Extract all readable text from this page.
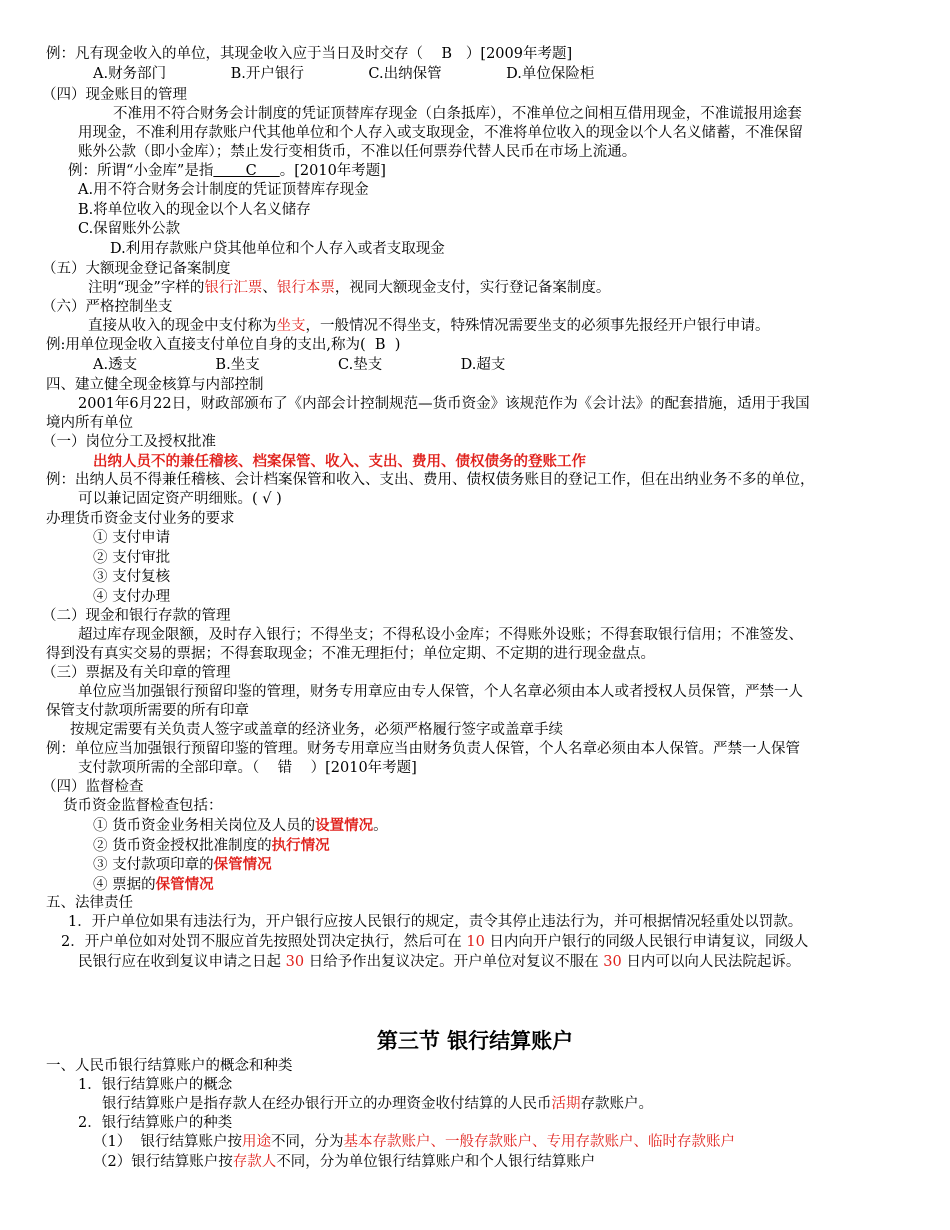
第三节 银行结算账户
例：凡有现金收入的单位，其现金收入应于当日及时交存（    B   ）[2009年考题]
A.财务部门              B.开户银行              C.出纳保管              D.单位保险柜
（四）现金账目的管理
不准用不符合财务会计制度的凭证顶替库存现金（白条抵库），不准单位之间相互借用现金，不准谎报用途套
用现金，不准利用存款账户代其他单位和个人存入或支取现金，不准将单位收入的现金以个人名义储蓄，不准保留
账外公款（即小金库）；禁止发行变相货币，不准以任何票券代替人民币在市场上流通。
例：所谓“小金库”是指       C     。[2010年考题]
A.用不符合财务会计制度的凭证顶替库存现金
B.将单位收入的现金以个人名义储存
C.保留账外公款
D.利用存款账户贷其他单位和个人存入或者支取现金
（五）大额现金登记备案制度
注明“现金”字样的银行汇票、银行本票，视同大额现金支付，实行登记备案制度。
（六）严格控制坐支
直接从收入的现金中支付称为坐支，一般情况不得坐支，特殊情况需要坐支的必须事先报经开户银行申请。
例:用单位现金收入直接支付单位自身的支出,称为(  B  )
A.透支                 B.坐支                 C.垫支                 D.超支
四、建立健全现金核算与内部控制
2001年6月22日，财政部颁布了《内部会计控制规范—货币资金》该规范作为《会计法》的配套措施，适用于我国
境内所有单位
（一）岗位分工及授权批准
出纳人员不的兼任稽核、档案保管、收入、支出、费用、债权债务的登账工作
例：出纳人员不得兼任稽核、会计档案保管和收入、支出、费用、债权债务账目的登记工作，但在出纳业务不多的单位，
可以兼记固定资产明细账。( √ )
办理货币资金支付业务的要求
① 支付申请
② 支付审批
③ 支付复核
④ 支付办理
（二）现金和银行存款的管理
超过库存现金限额，及时存入银行；不得坐支；不得私设小金库；不得账外设账；不得套取银行信用；不准签发、
得到没有真实交易的票据；不得套取现金；不准无理拒付；单位定期、不定期的进行现金盘点。
（三）票据及有关印章的管理
单位应当加强银行预留印鉴的管理，财务专用章应由专人保管，个人名章必须由本人或者授权人员保管，严禁一人
保管支付款项所需要的所有印章
按规定需要有关负责人签字或盖章的经济业务，必须严格履行签字或盖章手续
例：单位应当加强银行预留印鉴的管理。财务专用章应当由财务负责人保管，个人名章必须由本人保管。严禁一人保管
支付款项所需的全部印章。（    错    ）[2010年考题]
（四）监督检查
货币资金监督检查包括：
① 货币资金业务相关岗位及人员的设置情况。
② 货币资金授权批准制度的执行情况
③ 支付款项印章的保管情况
④ 票据的保管情况
五、法律责任
1．开户单位如果有违法行为，开户银行应按人民银行的规定，责令其停止违法行为，并可根据情况轻重处以罚款。
2．开户单位如对处罚不服应首先按照处罚决定执行，然后可在 10 日内向开户银行的同级人民银行申请复议，同级人
民银行应在收到复议申请之日起 30 日给予作出复议决定。开户单位对复议不服在 30 日内可以向人民法院起诉。
一、人民币银行结算账户的概念和种类
1．银行结算账户的概念
银行结算账户是指存款人在经办银行开立的办理资金收付结算的人民币活期存款账户。
2．银行结算账户的种类
（1）  银行结算账户按用途不同，分为基本存款账户、一般存款账户、专用存款账户、临时存款账户
（2）银行结算账户按存款人不同，分为单位银行结算账户和个人银行结算账户
